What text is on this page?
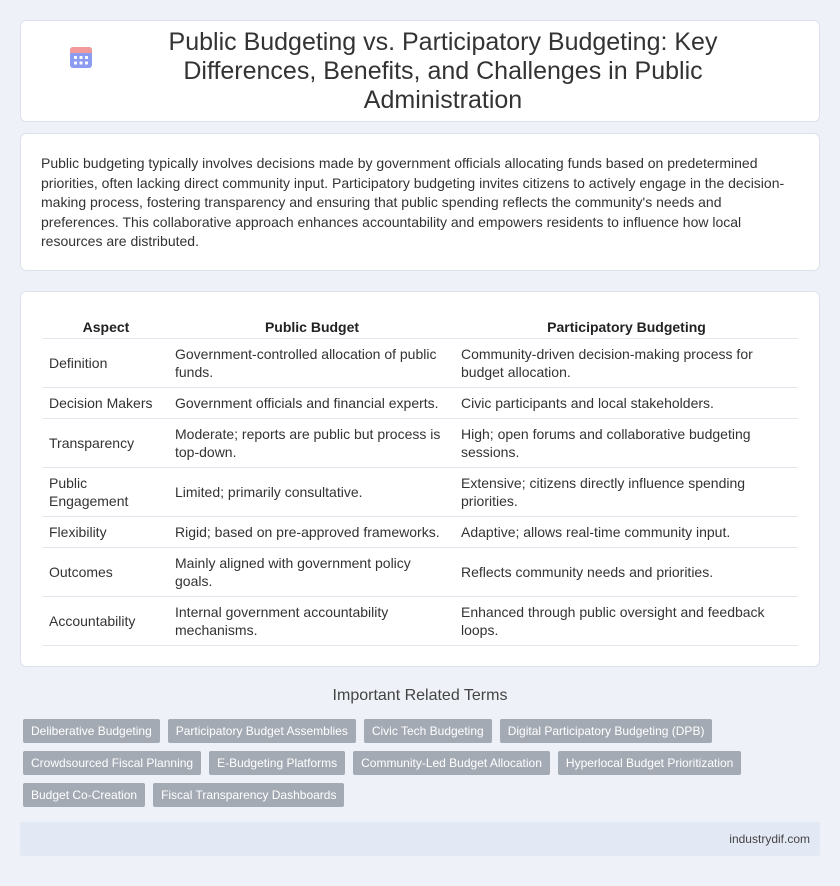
Public Budgeting vs. Participatory Budgeting: Key Differences, Benefits, and Challenges in Public Administration

Public budgeting typically involves decisions made by government officials allocating funds based on predetermined priorities, often lacking direct community input. Participatory budgeting invites citizens to actively engage in the decision-making process, fostering transparency and ensuring that public spending reflects the community's needs and preferences. This collaborative approach enhances accountability and empowers residents to influence how local resources are distributed.

Aspect	Public Budget	Participatory Budgeting
Definition	Government-controlled allocation of public funds.	Community-driven decision-making process for budget allocation.
Decision Makers	Government officials and financial experts.	Civic participants and local stakeholders.
Transparency	Moderate; reports are public but process is top-down.	High; open forums and collaborative budgeting sessions.
Public Engagement	Limited; primarily consultative.	Extensive; citizens directly influence spending priorities.
Flexibility	Rigid; based on pre-approved frameworks.	Adaptive; allows real-time community input.
Outcomes	Mainly aligned with government policy goals.	Reflects community needs and priorities.
Accountability	Internal government accountability mechanisms.	Enhanced through public oversight and feedback loops.
Important Related Terms
Deliberative Budgeting	Participatory Budget Assemblies	Civic Tech Budgeting	Digital Participatory Budgeting (DPB)
Crowdsourced Fiscal Planning	E-Budgeting Platforms	Community-Led Budget Allocation	Hyperlocal Budget Prioritization
Budget Co-Creation	Fiscal Transparency Dashboards
industrydif.com
